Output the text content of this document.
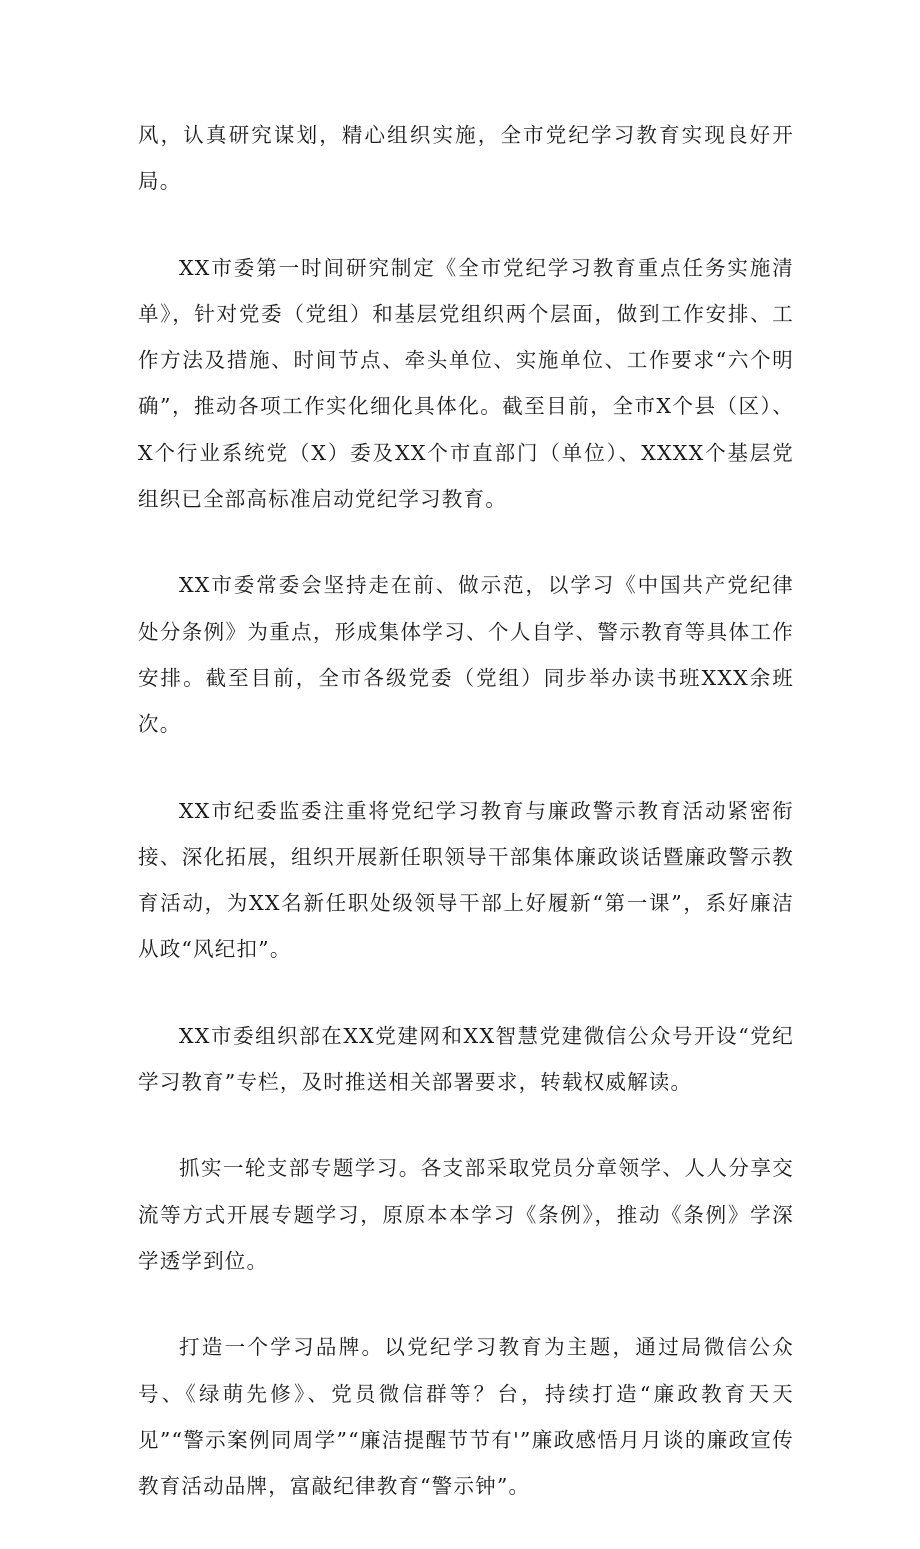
风，认真研究谋划，精心组织实施，全市党纪学习教育实现良好开局。

XX市委第一时间研究制定《全市党纪学习教育重点任务实施清单》，针对党委（党组）和基层党组织两个层面，做到工作安排、工作方法及措施、时间节点、牵头单位、实施单位、工作要求“六个明确”，推动各项工作实化细化具体化。截至目前，全市X个县（区）、X个行业系统党（X）委及XX个市直部门（单位）、XXXX个基层党组织已全部高标准启动党纪学习教育。

XX市委常委会坚持走在前、做示范，以学习《中国共产党纪律处分条例》为重点，形成集体学习、个人自学、警示教育等具体工作安排。截至目前，全市各级党委（党组）同步举办读书班XXX余班次。

XX市纪委监委注重将党纪学习教育与廉政警示教育活动紧密衔接、深化拓展，组织开展新任职领导干部集体廉政谈话暨廉政警示教育活动，为XX名新任职处级领导干部上好履新“第一课”，系好廉洁从政“风纪扣”。

XX市委组织部在XX党建网和XX智慧党建微信公众号开设“党纪学习教育”专栏，及时推送相关部署要求，转载权威解读。

抓实一轮支部专题学习。各支部采取党员分章领学、人人分享交流等方式开展专题学习，原原本本学习《条例》，推动《条例》学深学透学到位。

打造一个学习品牌。以党纪学习教育为主题，通过局微信公众号、《绿萌先修》、党员微信群等？台，持续打造“廉政教育天天见”“警示案例同周学”“廉洁提醒节节有'”廉政感悟月月谈的廉政宣传教育活动品牌，富敲纪律教育“警示钟”。
